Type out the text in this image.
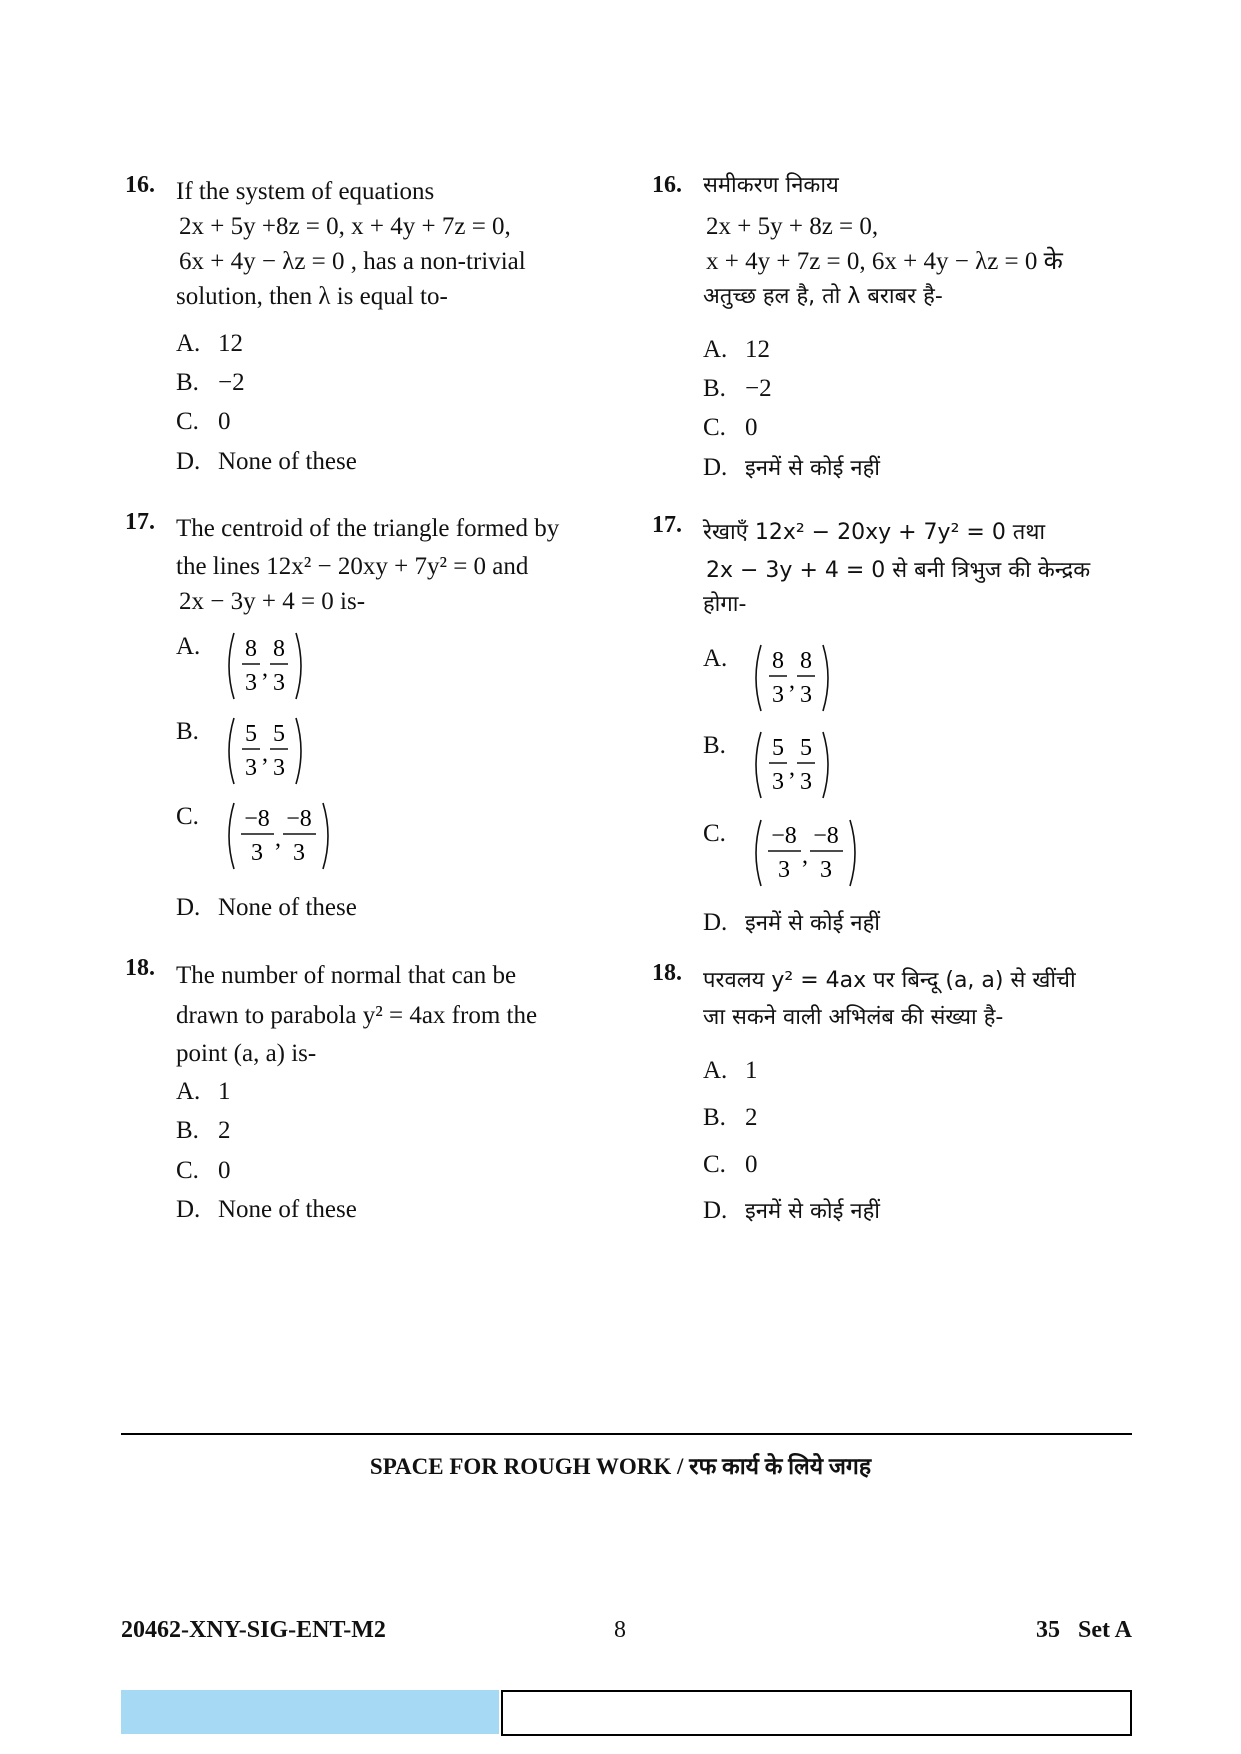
16. If the system of equations
2x + 5y +8z = 0, x + 4y + 7z = 0,
6x + 4y − λz = 0 , has a non-trivial
solution, then λ is equal to-
A. 12
B. −2
C. 0
D. None of these
17. The centroid of the triangle formed by
the lines 12x² − 20xy + 7y² = 0 and
2x − 3y + 4 = 0 is-
A. 8
3
,
8
3
B. 5
3
,
5
3
C. −8
3
,
−8
3
D. None of these
18. The number of normal that can be
drawn to parabola y² = 4ax from the
point (a, a) is-
A. 1
B. 2
C. 0
D. None of these
16. समीकरण निकाय
2x + 5y + 8z = 0,
x + 4y + 7z = 0, 6x + 4y − λz = 0 के
अतुच्छ हल है, तो λ बराबर है-
A. 12
B. −2
C. 0
D. इनमें से कोई नहीं
17. रेखाएँ 12x² − 20xy + 7y² = 0 तथा
2x − 3y + 4 = 0 से बनी त्रिभुज की केन्द्रक
होगा-
A. 8
3
,
8
3
B. 5
3
,
5
3
C. −8
3
,
−8
3
D. इनमें से कोई नहीं
18. परवलय y² = 4ax पर बिन्दू (a, a) से खींची
जा सकने वाली अभिलंब की संख्या है-
A. 1
B. 2
C. 0
D. इनमें से कोई नहीं
SPACE FOR ROUGH WORK / रफ कार्य के लिये जगह
20462-XNY-SIG-ENT-M2	8	35   Set A
